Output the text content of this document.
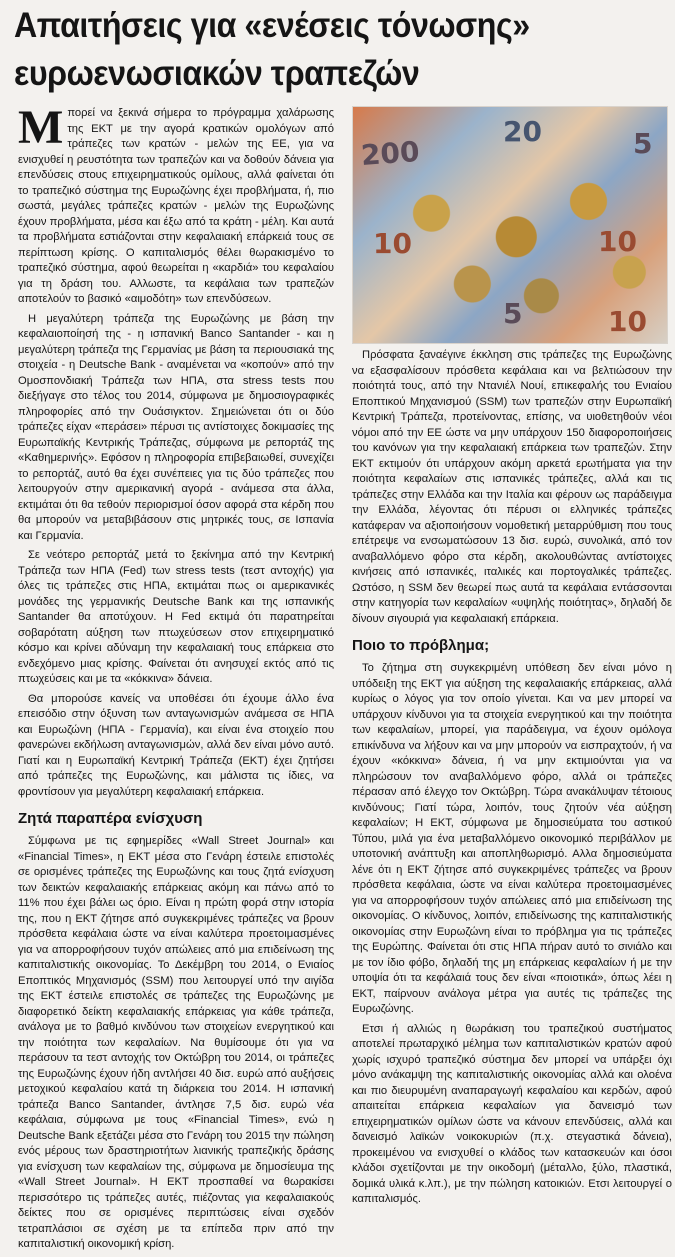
Απαιτήσεις για «ενέσεις τόνωσης» ευρωενωσιακών τραπεζών
200
20	5
10	10
5	10

Μπορεί να ξεκινά σήμερα το πρόγραμμα χαλάρωσης της ΕΚΤ με την αγορά κρατικών ομολόγων από τράπεζες των κρατών - μελών της ΕΕ, για να ενισχυθεί η ρευστότητα των τραπεζών και να δοθούν δάνεια για επενδύσεις στους επιχειρηματικούς ομίλους, αλλά φαίνεται ότι το τραπεζικό σύστημα της Ευρωζώνης έχει προβλήματα, ή, πιο σωστά, μεγάλες τράπεζες κρατών - μελών της Ευρωζώνης έχουν προβλήματα, μέσα και έξω από τα κράτη - μέλη. Και αυτά τα προβλήματα εστιάζονται στην κεφαλαιακή επάρκειά τους σε περίπτωση κρίσης. Ο καπιταλισμός θέλει θωρακισμένο το τραπεζικό σύστημα, αφού θεωρείται η «καρδιά» του κεφαλαίου για τη δράση του. Αλλωστε, τα κεφάλαια των τραπεζών αποτελούν το βασικό «αιμοδότη» των επενδύσεων.

Η μεγαλύτερη τράπεζα της Ευρωζώνης με βάση την κεφαλαιοποίησή της - η ισπανική Banco Santander - και η μεγαλύτερη τράπεζα της Γερμανίας με βάση τα περιουσιακά της στοιχεία - η Deutsche Bank - αναμένεται να «κοπούν» από την Ομοσπονδιακή Τράπεζα των ΗΠΑ, στα stress tests που διεξήγαγε στο τέλος του 2014, σύμφωνα με δημοσιογραφικές πληροφορίες από την Ουάσιγκτον. Σημειώνεται ότι οι δύο τράπεζες είχαν «περάσει» πέρυσι τις αντίστοιχες δοκιμασίες της Ευρωπαϊκής Κεντρικής Τράπεζας, σύμφωνα με ρεπορτάζ της «Καθημερινής». Εφόσον η πληροφορία επιβεβαιωθεί, συνεχίζει το ρεπορτάζ, αυτό θα έχει συνέπειες για τις δύο τράπεζες που λειτουργούν στην αμερικανική αγορά - ανάμεσα στα άλλα, εκτιμάται ότι θα τεθούν περιορισμοί όσον αφορά στα κέρδη που θα μπορούν να μεταβιβάσουν στις μητρικές τους, σε Ισπανία και Γερμανία.

Σε νεότερο ρεπορτάζ μετά το ξεκίνημα από την Κεντρική Τράπεζα των ΗΠΑ (Fed) των stress tests (τεστ αντοχής) για όλες τις τράπεζες στις ΗΠΑ, εκτιμάται πως οι αμερικανικές μονάδες της γερμανικής Deutsche Bank και της ισπανικής Santander θα αποτύχουν. Η Fed εκτιμά ότι παρατηρείται σοβαρότατη αύξηση των πτωχεύσεων στον επιχειρηματικό κόσμο και κρίνει αδύναμη την κεφαλαιακή τους επάρκεια στο ενδεχόμενο μιας κρίσης. Φαίνεται ότι ανησυχεί εκτός από τις πτωχεύσεις και με τα «κόκκινα» δάνεια.

Θα μπορούσε κανείς να υποθέσει ότι έχουμε άλλο ένα επεισόδιο στην όξυνση των ανταγωνισμών ανάμεσα σε ΗΠΑ και Ευρωζώνη (ΗΠΑ - Γερμανία), και είναι ένα στοιχείο που φανερώνει εκδήλωση ανταγωνισμών, αλλά δεν είναι μόνο αυτό. Γιατί και η Ευρωπαϊκή Κεντρική Τράπεζα (ΕΚΤ) έχει ζητήσει από τράπεζες της Ευρωζώνης, και μάλιστα τις ίδιες, να φροντίσουν για μεγαλύτερη κεφαλαιακή επάρκεια.

Ζητά παραπέρα ενίσχυση

Σύμφωνα με τις εφημερίδες «Wall Street Journal» και «Financial Times», η ΕΚΤ μέσα στο Γενάρη έστειλε επιστολές σε ορισμένες τράπεζες της Ευρωζώνης και τους ζητά ενίσχυση των δεικτών κεφαλαιακής επάρκειας ακόμη και πάνω από το 11% που έχει βάλει ως όριο. Είναι η πρώτη φορά στην ιστορία της, που η ΕΚΤ ζήτησε από συγκεκριμένες τράπεζες να βρουν πρόσθετα κεφάλαια ώστε να είναι καλύτερα προετοιμασμένες για να απορροφήσουν τυχόν απώλειες από μια επιδείνωση της καπιταλιστικής οικονομίας. Το Δεκέμβρη του 2014, ο Ενιαίος Εποπτικός Μηχανισμός (SSM) που λειτουργεί υπό την αιγίδα της ΕΚΤ έστειλε επιστολές σε τράπεζες της Ευρωζώνης με διαφορετικό δείκτη κεφαλαιακής επάρκειας για κάθε τράπεζα, ανάλογα με το βαθμό κινδύνου των στοιχείων ενεργητικού και την ποιότητα των κεφαλαίων. Να θυμίσουμε ότι για να περάσουν τα τεστ αντοχής τον Οκτώβρη του 2014, οι τράπεζες της Ευρωζώνης έχουν ήδη αντλήσει 40 δισ. ευρώ από αυξήσεις μετοχικού κεφαλαίου κατά τη διάρκεια του 2014. Η ισπανική τράπεζα Banco Santander, άντλησε 7,5 δισ. ευρώ νέα κεφάλαια, σύμφωνα με τους «Financial Times», ενώ η Deutsche Bank εξετάζει μέσα στο Γενάρη του 2015 την πώληση ενός μέρους των δραστηριοτήτων λιανικής τραπεζικής δράσης για ενίσχυση των κεφαλαίων της, σύμφωνα με δημοσίευμα της «Wall Street Journal». Η ΕΚΤ προσπαθεί να θωρακίσει περισσότερο τις τράπεζες αυτές, πιέζοντας για κεφαλαιακούς δείκτες που σε ορισμένες περιπτώσεις είναι σχεδόν τετραπλάσιοι σε σχέση με τα επίπεδα πριν από την καπιταλιστική οικονομική κρίση.

Πρόσφατα ξαναέγινε έκκληση στις τράπεζες της Ευρωζώνης να εξασφαλίσουν πρόσθετα κεφάλαια και να βελτιώσουν την ποιότητά τους, από την Ντανιέλ Νουί, επικεφαλής του Ενιαίου Εποπτικού Μηχανισμού (SSM) των τραπεζών στην Ευρωπαϊκή Κεντρική Τράπεζα, προτείνοντας, επίσης, να υιοθετηθούν νέοι νόμοι από την ΕΕ ώστε να μην υπάρχουν 150 διαφοροποιήσεις του κανόνων για την κεφαλαιακή επάρκεια των τραπεζών. Στην ΕΚΤ εκτιμούν ότι υπάρχουν ακόμη αρκετά ερωτήματα για την ποιότητα κεφαλαίων στις ισπανικές τράπεζες, αλλά και τις τράπεζες στην Ελλάδα και την Ιταλία και φέρουν ως παράδειγμα την Ελλάδα, λέγοντας ότι πέρυσι οι ελληνικές τράπεζες κατάφεραν να αξιοποιήσουν νομοθετική μεταρρύθμιση που τους επέτρεψε να ενσωματώσουν 13 δισ. ευρώ, συνολικά, από τον αναβαλλόμενο φόρο στα κέρδη, ακολουθώντας αντίστοιχες κινήσεις από ισπανικές, ιταλικές και πορτογαλικές τράπεζες. Ωστόσο, η SSM δεν θεωρεί πως αυτά τα κεφάλαια εντάσσονται στην κατηγορία των κεφαλαίων «υψηλής ποιότητας», δηλαδή δε δίνουν σιγουριά για κεφαλαιακή επάρκεια.

Ποιο το πρόβλημα;

Το ζήτημα στη συγκεκριμένη υπόθεση δεν είναι μόνο η υπόδειξη της ΕΚΤ για αύξηση της κεφαλαιακής επάρκειας, αλλά κυρίως ο λόγος για τον οποίο γίνεται. Και να μεν μπορεί να υπάρχουν κίνδυνοι για τα στοιχεία ενεργητικού και την ποιότητα των κεφαλαίων, μπορεί, για παράδειγμα, να έχουν ομόλογα επικίνδυνα να λήξουν και να μην μπορούν να εισπραχτούν, ή να έχουν «κόκκινα» δάνεια, ή να μην εκτιμιούνται για να πληρώσουν τον αναβαλλόμενο φόρο, αλλά οι τράπεζες πέρασαν από έλεγχο τον Οκτώβρη. Τώρα ανακάλυψαν τέτοιους κινδύνους; Γιατί τώρα, λοιπόν, τους ζητούν νέα αύξηση κεφαλαίων; Η ΕΚΤ, σύμφωνα με δημοσιεύματα του αστικού Τύπου, μιλά για ένα μεταβαλλόμενο οικονομικό περιβάλλον με υποτονική ανάπτυξη και αποπληθωρισμό. Αλλα δημοσιεύματα λένε ότι η ΕΚΤ ζήτησε από συγκεκριμένες τράπεζες να βρουν πρόσθετα κεφάλαια, ώστε να είναι καλύτερα προετοιμασμένες για να απορροφήσουν τυχόν απώλειες από μια επιδείνωση της οικονομίας. Ο κίνδυνος, λοιπόν, επιδείνωσης της καπιταλιστικής οικονομίας στην Ευρωζώνη είναι το πρόβλημα για τις τράπεζες της Ευρώπης. Φαίνεται ότι στις ΗΠΑ πήραν αυτό το σινιάλο και με τον ίδιο φόβο, δηλαδή της μη επάρκειας κεφαλαίων ή με την υποψία ότι τα κεφάλαιά τους δεν είναι «ποιοτικά», όπως λέει η ΕΚΤ, παίρνουν ανάλογα μέτρα για αυτές τις τράπεζες της Ευρωζώνης.

Ετσι ή αλλιώς η θωράκιση του τραπεζικού συστήματος αποτελεί πρωταρχικό μέλημα των καπιταλιστικών κρατών αφού χωρίς ισχυρό τραπεζικό σύστημα δεν μπορεί να υπάρξει όχι μόνο ανάκαμψη της καπιταλιστικής οικονομίας αλλά και ολοένα και πιο διευρυμένη αναπαραγωγή κεφαλαίου και κερδών, αφού απαιτείται επάρκεια κεφαλαίων για δανεισμό των επιχειρηματικών ομίλων ώστε να κάνουν επενδύσεις, αλλά και δανεισμό λαϊκών νοικοκυριών (π.χ. στεγαστικά δάνεια), προκειμένου να ενισχυθεί ο κλάδος των κατασκευών και όσοι κλάδοι σχετίζονται με την οικοδομή (μέταλλο, ξύλο, πλαστικά, δομικά υλικά κ.λπ.), με την πώληση κατοικιών. Ετσι λειτουργεί ο καπιταλισμός.
